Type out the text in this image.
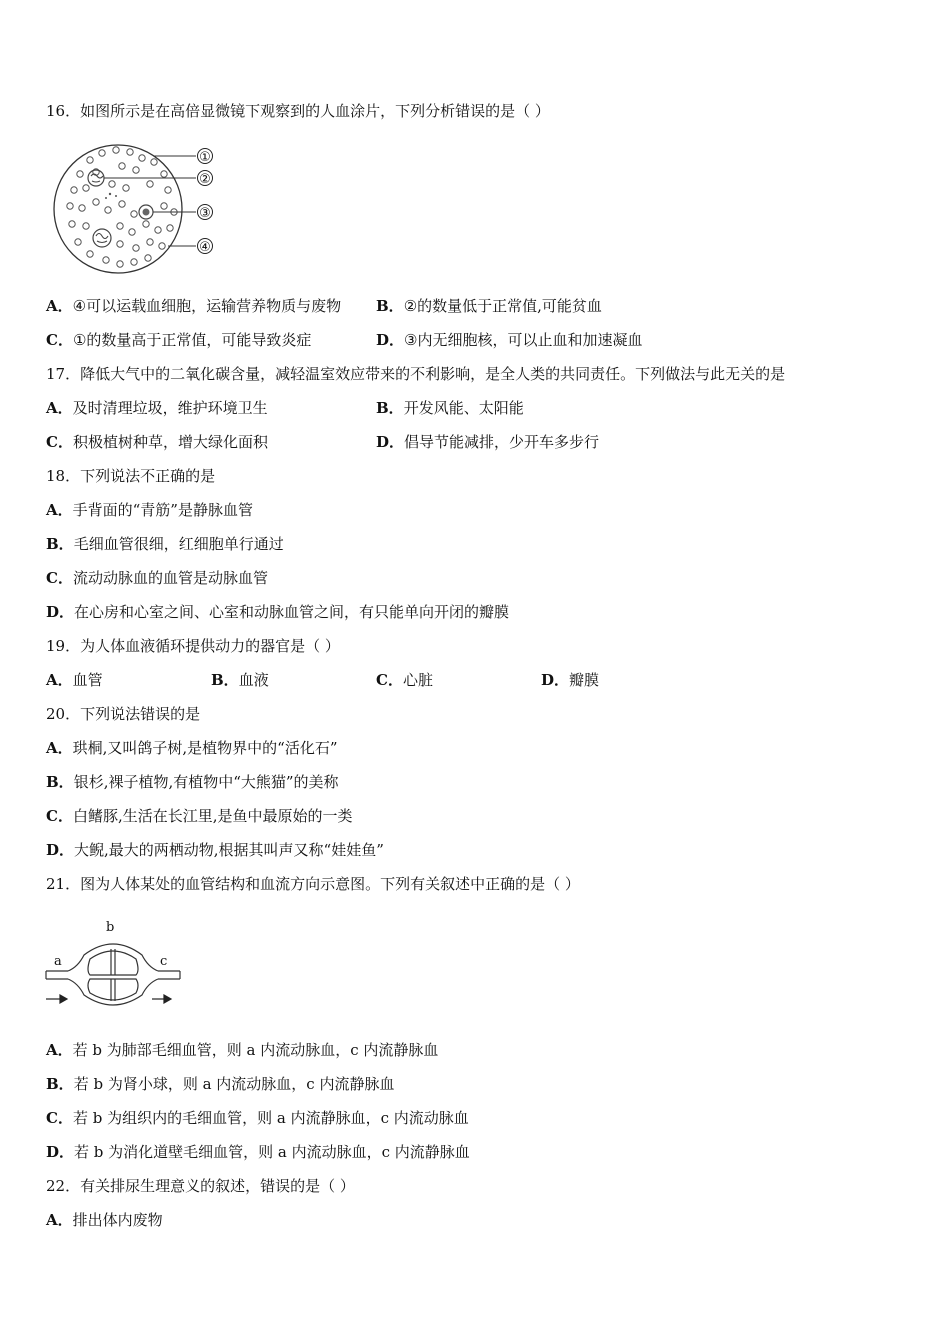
16．如图所示是在高倍显微镜下观察到的人血涂片，下列分析错误的是（ ）
①
②
③
④
A．④可以运载血细胞，运输营养物质与废物 B．②的数量低于正常值,可能贫血
C．①的数量高于正常值，可能导致炎症	D．③内无细胞核，可以止血和加速凝血
17．降低大气中的二氧化碳含量，减轻温室效应带来的不利影响，是全人类的共同责任。下列做法与此无关的是
A．及时清理垃圾，维护环境卫生	B．开发风能、太阳能
C．积极植树种草，增大绿化面积	D．倡导节能减排，少开车多步行
18．下列说法不正确的是
A．手背面的“青筋”是静脉血管
B．毛细血管很细，红细胞单行通过
C．流动动脉血的血管是动脉血管
D．在心房和心室之间、心室和动脉血管之间，有只能单向开闭的瓣膜
19．为人体血液循环提供动力的器官是（ ）
A．血管	B．血液	C．心脏	D．瓣膜
20．下列说法错误的是
A．珙桐,又叫鸽子树,是植物界中的“活化石”
B．银杉,裸子植物,有植物中“大熊猫”的美称
C．白鳍豚,生活在长江里,是鱼中最原始的一类
D．大鲵,最大的两栖动物,根据其叫声又称“娃娃鱼”
21．图为人体某处的血管结构和血流方向示意图。下列有关叙述中正确的是（ ）
a
b
c
A．若 b 为肺部毛细血管，则 a 内流动脉血，c 内流静脉血
B．若 b 为肾小球，则 a 内流动脉血，c 内流静脉血
C．若 b 为组织内的毛细血管，则 a 内流静脉血，c 内流动脉血
D．若 b 为消化道壁毛细血管，则 a 内流动脉血，c 内流静脉血
22．有关排尿生理意义的叙述，错误的是（ ）
A．排出体内废物
